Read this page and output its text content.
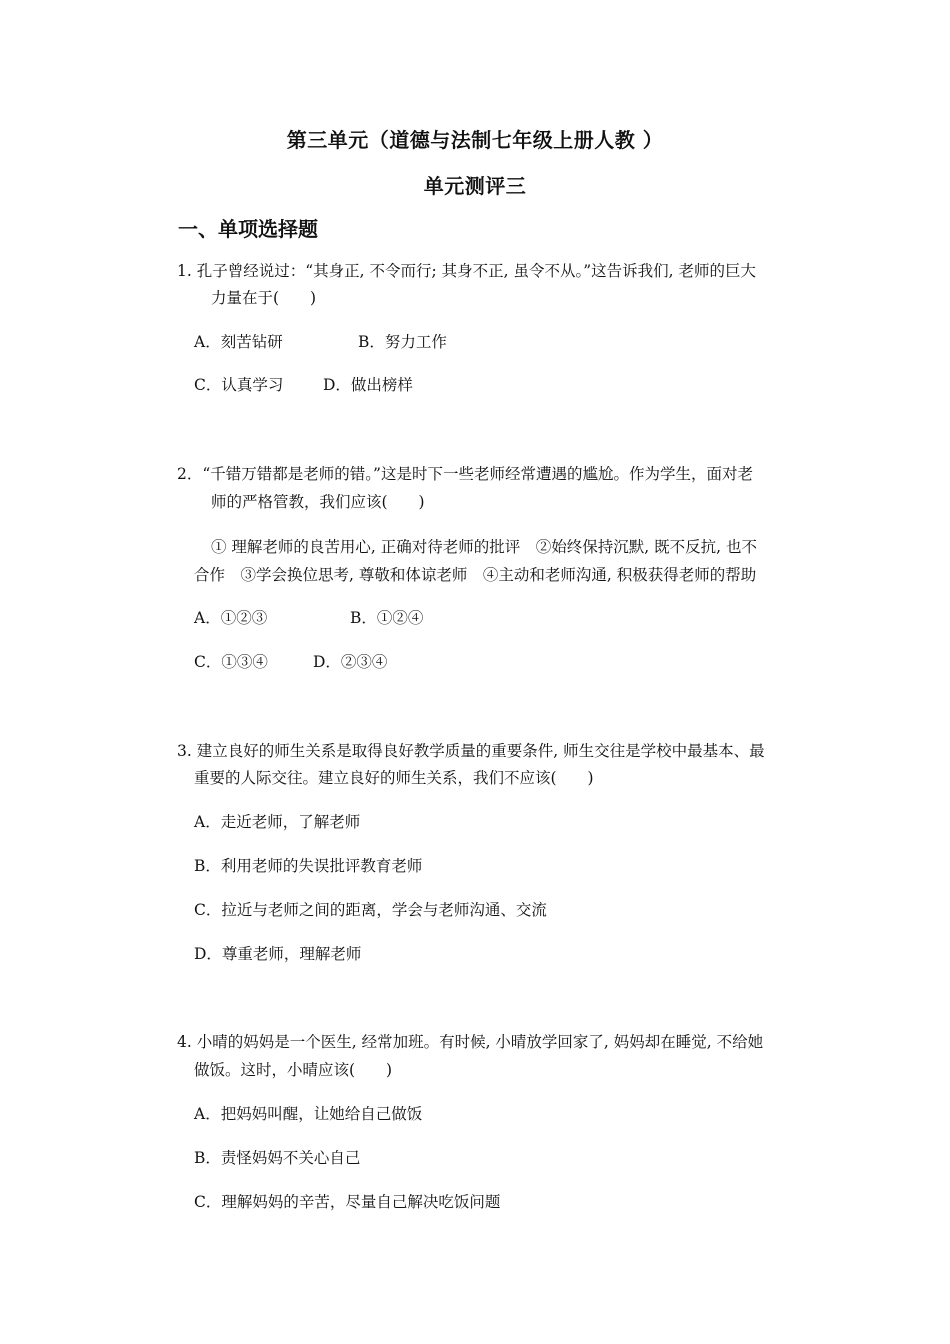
第三单元（道德与法制七年级上册人教 ）
单元测评三
一、单项选择题
1. 孔子曾经说过：“其身正, 不令而行; 其身不正, 虽令不从。”这告诉我们, 老师的巨大
力量在于(　　)
A．刻苦钻研	B．努力工作
C．认真学习	D．做出榜样
2．“千错万错都是老师的错。”这是时下一些老师经常遭遇的尴尬。作为学生，面对老
师的严格管教，我们应该(　　)
① 理解老师的良苦用心, 正确对待老师的批评　②始终保持沉默, 既不反抗, 也不
合作　③学会换位思考, 尊敬和体谅老师　④主动和老师沟通, 积极获得老师的帮助
A．①②③	B．①②④
C．①③④	D．②③④
3. 建立良好的师生关系是取得良好教学质量的重要条件, 师生交往是学校中最基本、最
重要的人际交往。建立良好的师生关系，我们不应该(　　)
A．走近老师，了解老师
B．利用老师的失误批评教育老师
C．拉近与老师之间的距离，学会与老师沟通、交流
D．尊重老师，理解老师
4. 小晴的妈妈是一个医生, 经常加班。有时候, 小晴放学回家了, 妈妈却在睡觉, 不给她
做饭。这时，小晴应该(　　)
A．把妈妈叫醒，让她给自己做饭
B．责怪妈妈不关心自己
C．理解妈妈的辛苦，尽量自己解决吃饭问题
